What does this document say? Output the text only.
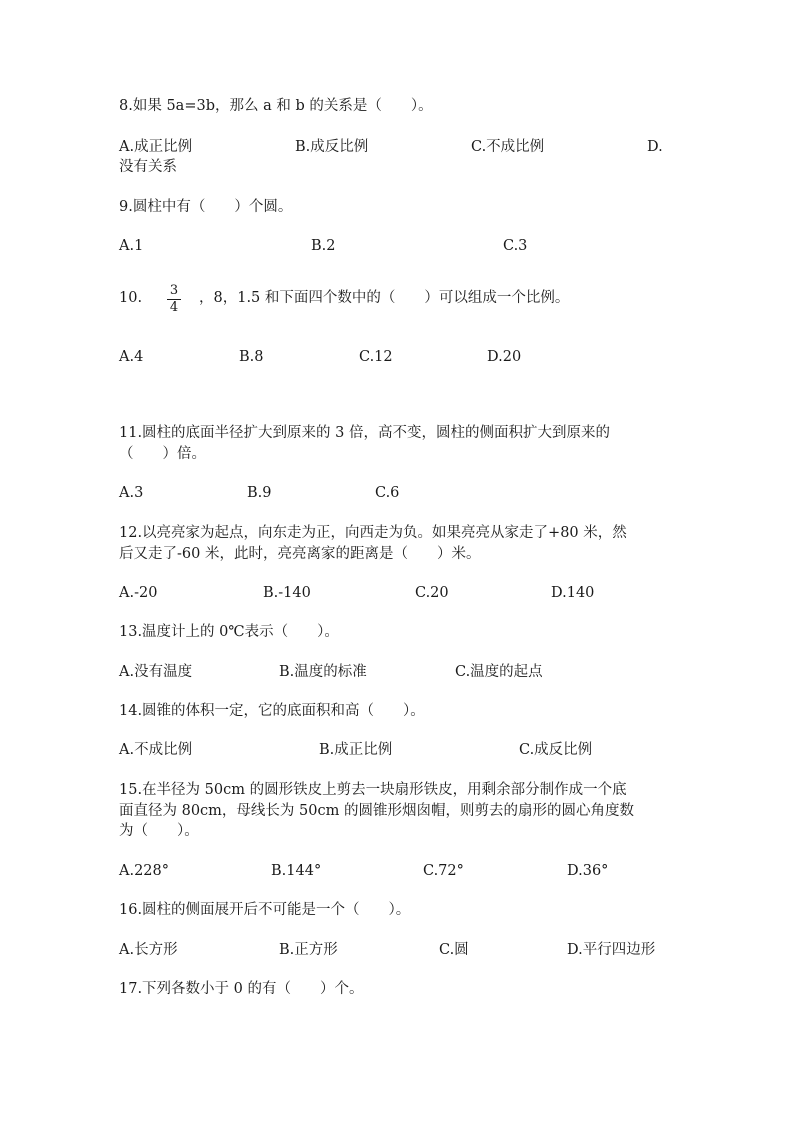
8.如果 5a=3b，那么 a 和 b 的关系是（　　）。
A.成正比例	B.成反比例	C.不成比例	D.
没有关系
9.圆柱中有（　　）个圆。
A.1	B.2	C.3
10. 3
4
，8，1.5 和下面四个数中的（　　）可以组成一个比例。
A.4	B.8	C.12	D.20
11.圆柱的底面半径扩大到原来的 3 倍，高不变，圆柱的侧面积扩大到原来的
（　　）倍。
A.3	B.9	C.6
12.以亮亮家为起点，向东走为正，向西走为负。如果亮亮从家走了+80 米，然
后又走了-60 米，此时，亮亮离家的距离是（　　）米。
A.-20	B.-140	C.20	D.140
13.温度计上的 0℃表示（　　）。
A.没有温度	B.温度的标准	C.温度的起点
14.圆锥的体积一定，它的底面积和高（　　）。
A.不成比例	B.成正比例	C.成反比例
15.在半径为 50cm 的圆形铁皮上剪去一块扇形铁皮，用剩余部分制作成一个底
面直径为 80cm，母线长为 50cm 的圆锥形烟囱帽，则剪去的扇形的圆心角度数
为（　　）。
A.228°	B.144°	C.72°	D.36°
16.圆柱的侧面展开后不可能是一个（　　）。
A.长方形	B.正方形	C.圆	D.平行四边形
17.下列各数小于 0 的有（　　）个。
